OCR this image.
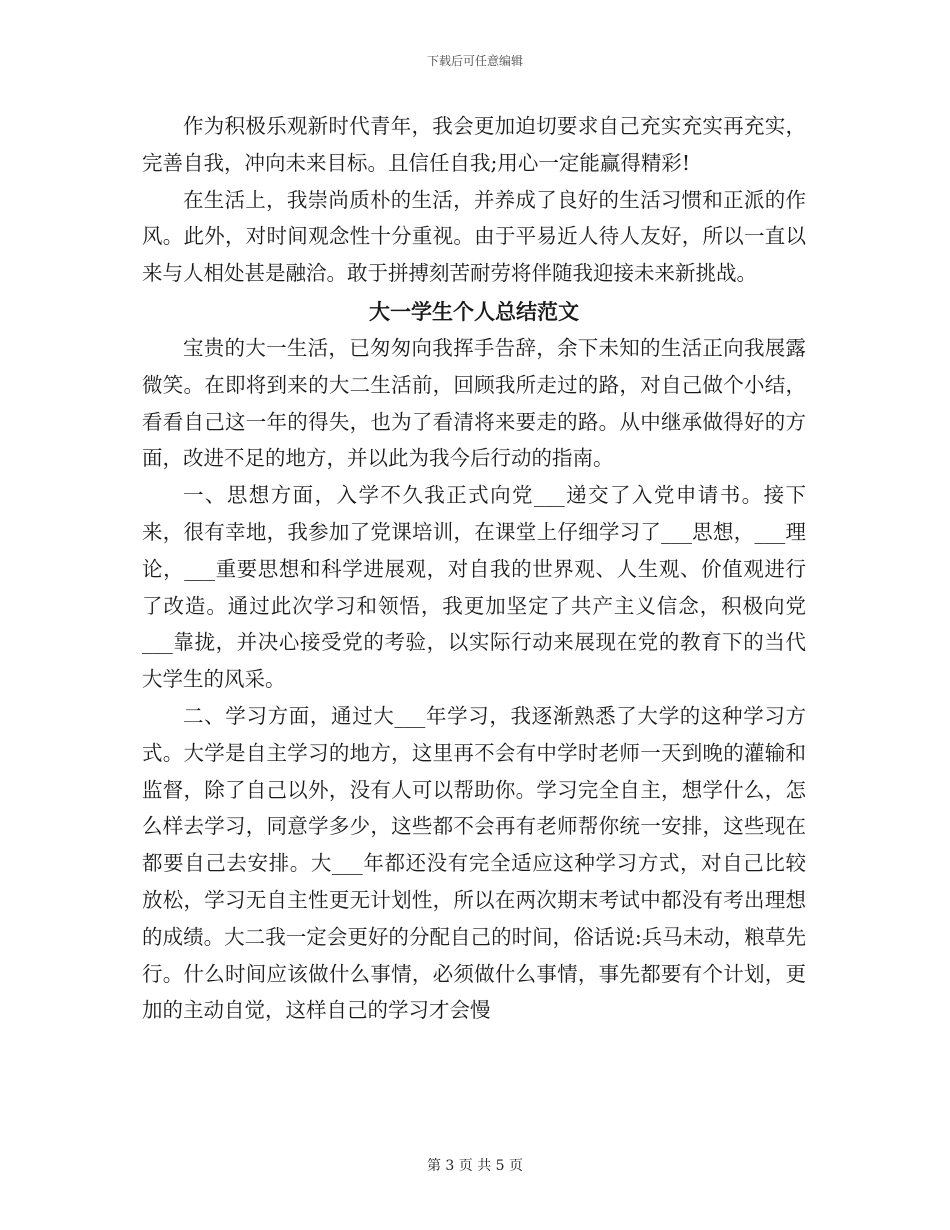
下载后可任意编辑

作为积极乐观新时代青年，我会更加迫切要求自己充实充实再充实，完善自我，冲向未来目标。且信任自我;用心一定能赢得精彩!

在生活上，我崇尚质朴的生活，并养成了良好的生活习惯和正派的作风。此外，对时间观念性十分重视。由于平易近人待人友好，所以一直以来与人相处甚是融洽。敢于拼搏刻苦耐劳将伴随我迎接未来新挑战。

大一学生个人总结范文

宝贵的大一生活，已匆匆向我挥手告辞，余下未知的生活正向我展露微笑。在即将到来的大二生活前，回顾我所走过的路，对自己做个小结，看看自己这一年的得失，也为了看清将来要走的路。从中继承做得好的方面，改进不足的地方，并以此为我今后行动的指南。

一、思想方面，入学不久我正式向党___递交了入党申请书。接下来，很有幸地，我参加了党课培训，在课堂上仔细学习了___思想，___理论，___重要思想和科学进展观，对自我的世界观、人生观、价值观进行了改造。通过此次学习和领悟，我更加坚定了共产主义信念，积极向党___靠拢，并决心接受党的考验，以实际行动来展现在党的教育下的当代大学生的风采。

二、学习方面，通过大___年学习，我逐渐熟悉了大学的这种学习方式。大学是自主学习的地方，这里再不会有中学时老师一天到晚的灌输和监督，除了自己以外，没有人可以帮助你。学习完全自主，想学什么，怎么样去学习，同意学多少，这些都不会再有老师帮你统一安排，这些现在都要自己去安排。大___年都还没有完全适应这种学习方式，对自己比较放松，学习无自主性更无计划性，所以在两次期末考试中都没有考出理想的成绩。大二我一定会更好的分配自己的时间，俗话说:兵马未动，粮草先行。什么时间应该做什么事情，必须做什么事情，事先都要有个计划，更加的主动自觉，这样自己的学习才会慢

第 3 页 共 5 页
